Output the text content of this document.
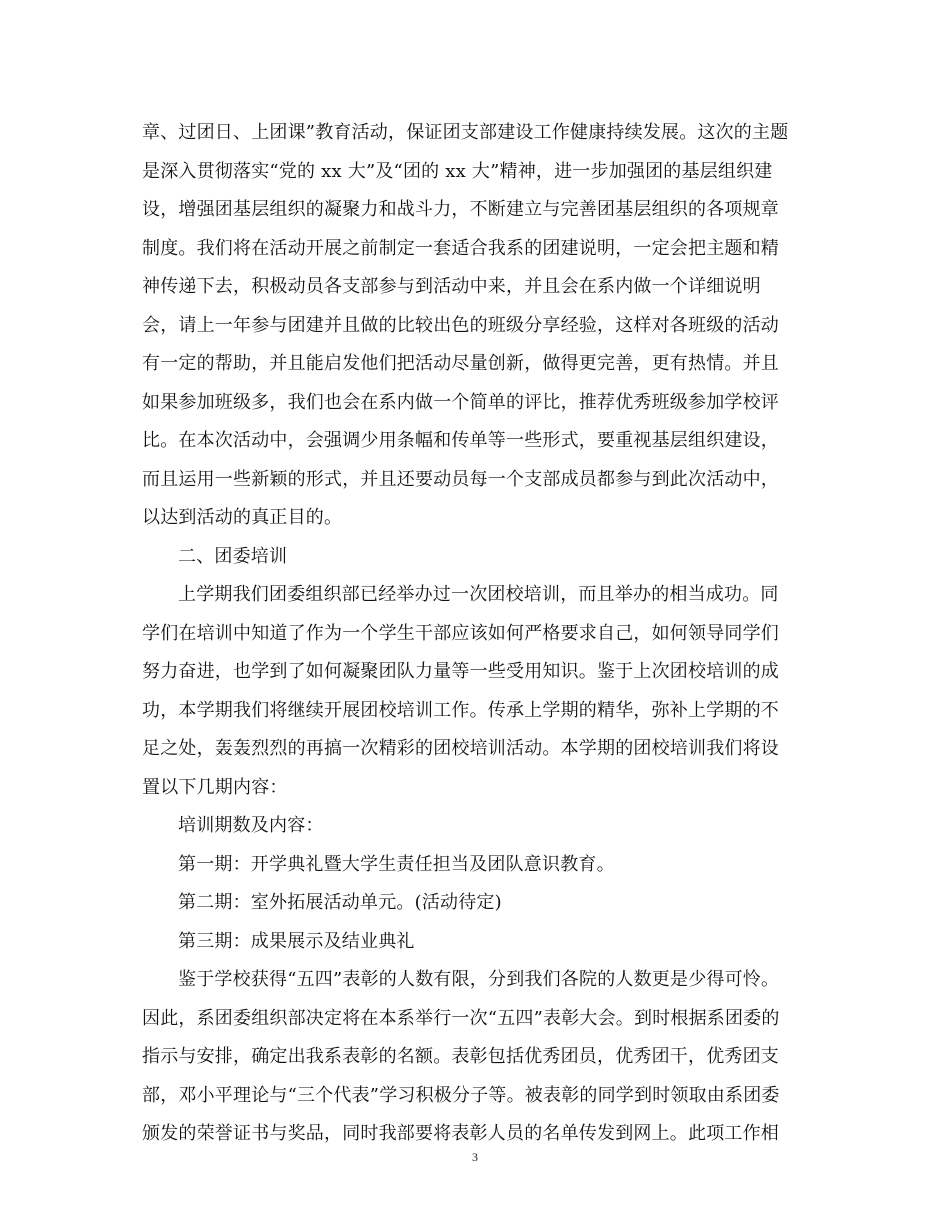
章、过团日、上团课”教育活动，保证团支部建设工作健康持续发展。这次的主题
是深入贯彻落实“党的 xx 大”及“团的 xx 大”精神，进一步加强团的基层组织建
设，增强团基层组织的凝聚力和战斗力，不断建立与完善团基层组织的各项规章
制度。我们将在活动开展之前制定一套适合我系的团建说明，一定会把主题和精
神传递下去，积极动员各支部参与到活动中来，并且会在系内做一个详细说明
会，请上一年参与团建并且做的比较出色的班级分享经验，这样对各班级的活动
有一定的帮助，并且能启发他们把活动尽量创新，做得更完善，更有热情。并且
如果参加班级多，我们也会在系内做一个简单的评比，推荐优秀班级参加学校评
比。在本次活动中，会强调少用条幅和传单等一些形式，要重视基层组织建设，
而且运用一些新颖的形式，并且还要动员每一个支部成员都参与到此次活动中，
以达到活动的真正目的。
二、团委培训
上学期我们团委组织部已经举办过一次团校培训，而且举办的相当成功。同
学们在培训中知道了作为一个学生干部应该如何严格要求自己，如何领导同学们
努力奋进，也学到了如何凝聚团队力量等一些受用知识。鉴于上次团校培训的成
功，本学期我们将继续开展团校培训工作。传承上学期的精华，弥补上学期的不
足之处，轰轰烈烈的再搞一次精彩的团校培训活动。本学期的团校培训我们将设
置以下几期内容：
培训期数及内容：
第一期：开学典礼暨大学生责任担当及团队意识教育。
第二期：室外拓展活动单元。(活动待定)
第三期：成果展示及结业典礼
鉴于学校获得“五四”表彰的人数有限，分到我们各院的人数更是少得可怜。
因此，系团委组织部决定将在本系举行一次“五四”表彰大会。到时根据系团委的
指示与安排，确定出我系表彰的名额。表彰包括优秀团员，优秀团干，优秀团支
部，邓小平理论与“三个代表”学习积极分子等。被表彰的同学到时领取由系团委
颁发的荣誉证书与奖品，同时我部要将表彰人员的名单传发到网上。此项工作相
3
